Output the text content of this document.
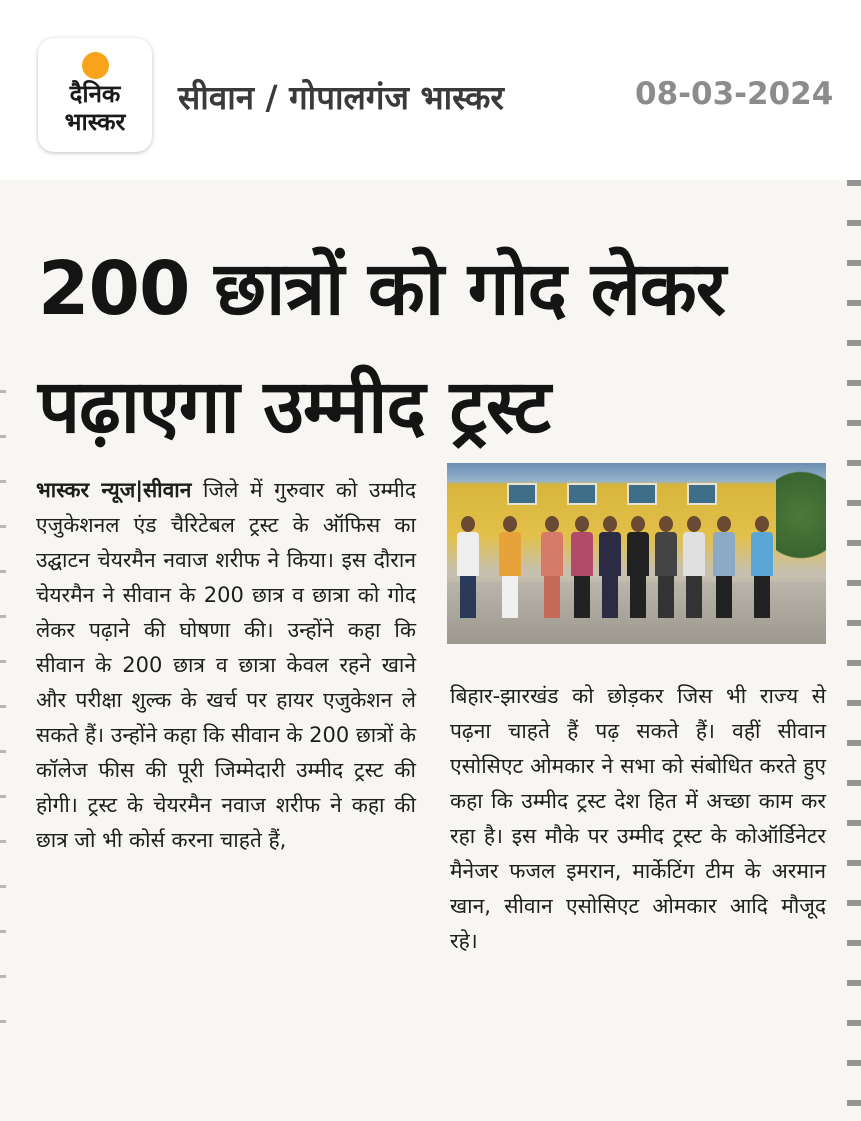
दैनिक
भास्कर
सीवान / गोपालगंज भास्कर	08-03-2024
200 छात्रों को गोद लेकर
पढ़ाएगा उम्मीद ट्रस्ट

भास्कर न्यूज|सीवान जिले में गुरुवार को उम्मीद एजुकेशनल एंड चैरिटेबल ट्रस्ट के ऑफिस का उद्घाटन चेयरमैन नवाज शरीफ ने किया। इस दौरान चेयरमैन ने सीवान के 200 छात्र व छात्रा को गोद लेकर पढ़ाने की घोषणा की। उन्होंने कहा कि सीवान के 200 छात्र व छात्रा केवल रहने खाने और परीक्षा शुल्क के खर्च पर हायर एजुकेशन ले सकते हैं। उन्होंने कहा कि सीवान के 200 छात्रों के कॉलेज फीस की पूरी जिम्मेदारी उम्मीद ट्रस्ट की होगी। ट्रस्ट के चेयरमैन नवाज शरीफ ने कहा की छात्र जो भी कोर्स करना चाहते हैं,

बिहार-झारखंड को छोड़कर जिस भी राज्य से पढ़ना चाहते हैं पढ़ सकते हैं। वहीं सीवान एसोसिएट ओमकार ने सभा को संबोधित करते हुए कहा कि उम्मीद ट्रस्ट देश हित में अच्छा काम कर रहा है। इस मौके पर उम्मीद ट्रस्ट के कोऑर्डिनेटर मैनेजर फजल इमरान, मार्केटिंग टीम के अरमान खान, सीवान एसोसिएट ओमकार आदि मौजूद रहे।
